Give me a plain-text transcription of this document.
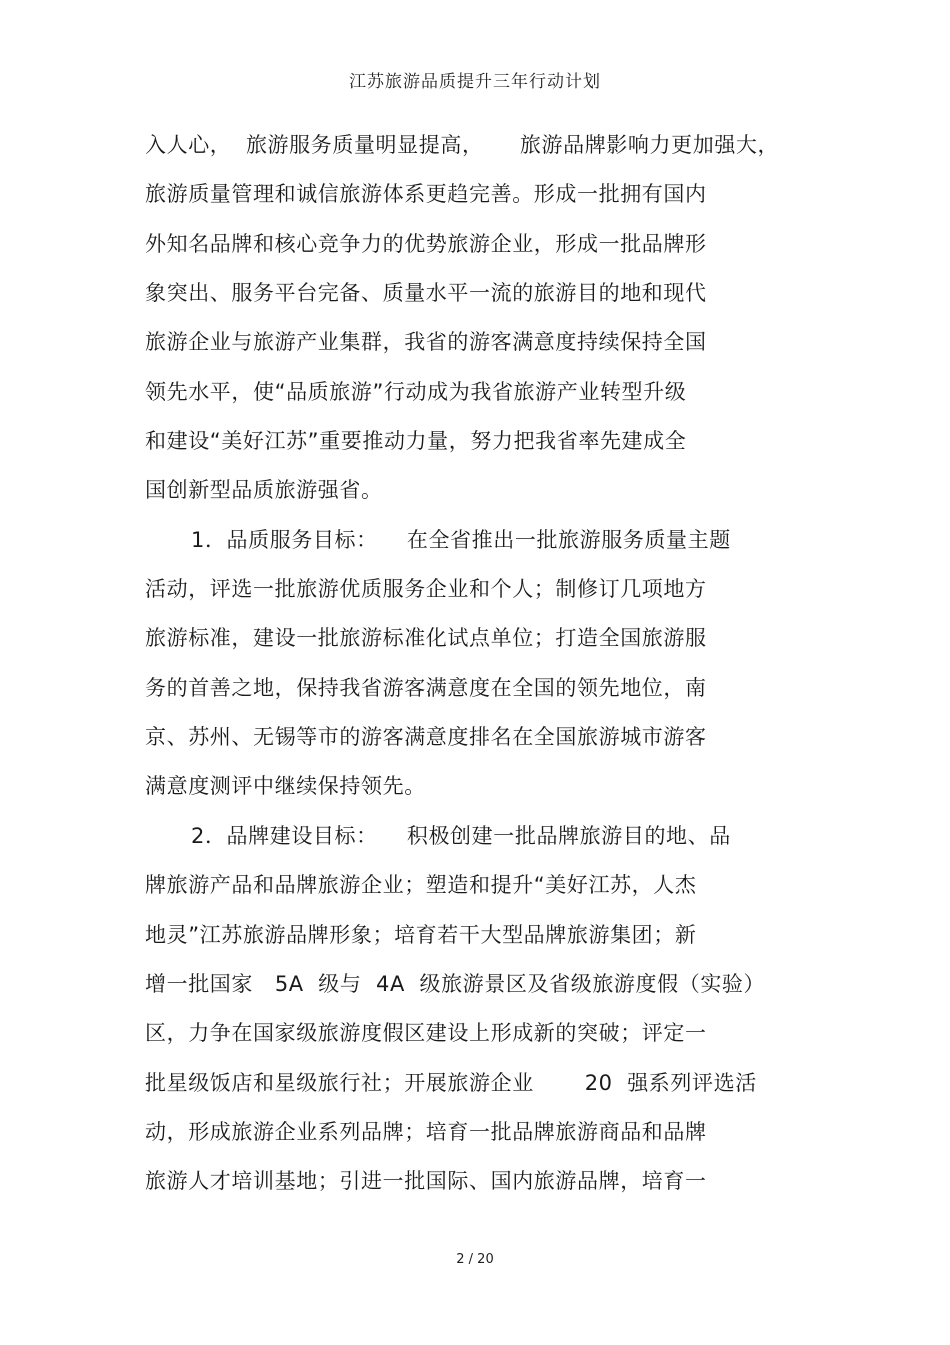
江苏旅游品质提升三年行动计划
入人心，  旅游服务质量明显提高，     旅游品牌影响力更加强大，
旅游质量管理和诚信旅游体系更趋完善。形成一批拥有国内
外知名品牌和核心竞争力的优势旅游企业，形成一批品牌形
象突出、服务平台完备、质量水平一流的旅游目的地和现代
旅游企业与旅游产业集群，我省的游客满意度持续保持全国
领先水平，使“品质旅游”行动成为我省旅游产业转型升级
和建设“美好江苏”重要推动力量，努力把我省率先建成全
国创新型品质旅游强省。
1．品质服务目标：    在全省推出一批旅游服务质量主题
活动，评选一批旅游优质服务企业和个人；制修订几项地方
旅游标准，建设一批旅游标准化试点单位；打造全国旅游服
务的首善之地，保持我省游客满意度在全国的领先地位，南
京、苏州、无锡等市的游客满意度排名在全国旅游城市游客
满意度测评中继续保持领先。
2．品牌建设目标：    积极创建一批品牌旅游目的地、品
牌旅游产品和品牌旅游企业；塑造和提升“美好江苏，人杰
地灵”江苏旅游品牌形象；培育若干大型品牌旅游集团；新
增一批国家   5A  级与  4A  级旅游景区及省级旅游度假（实验）
区，力争在国家级旅游度假区建设上形成新的突破；评定一
批星级饭店和星级旅行社；开展旅游企业       20  强系列评选活
动，形成旅游企业系列品牌；培育一批品牌旅游商品和品牌
旅游人才培训基地；引进一批国际、国内旅游品牌，培育一
2 / 20
